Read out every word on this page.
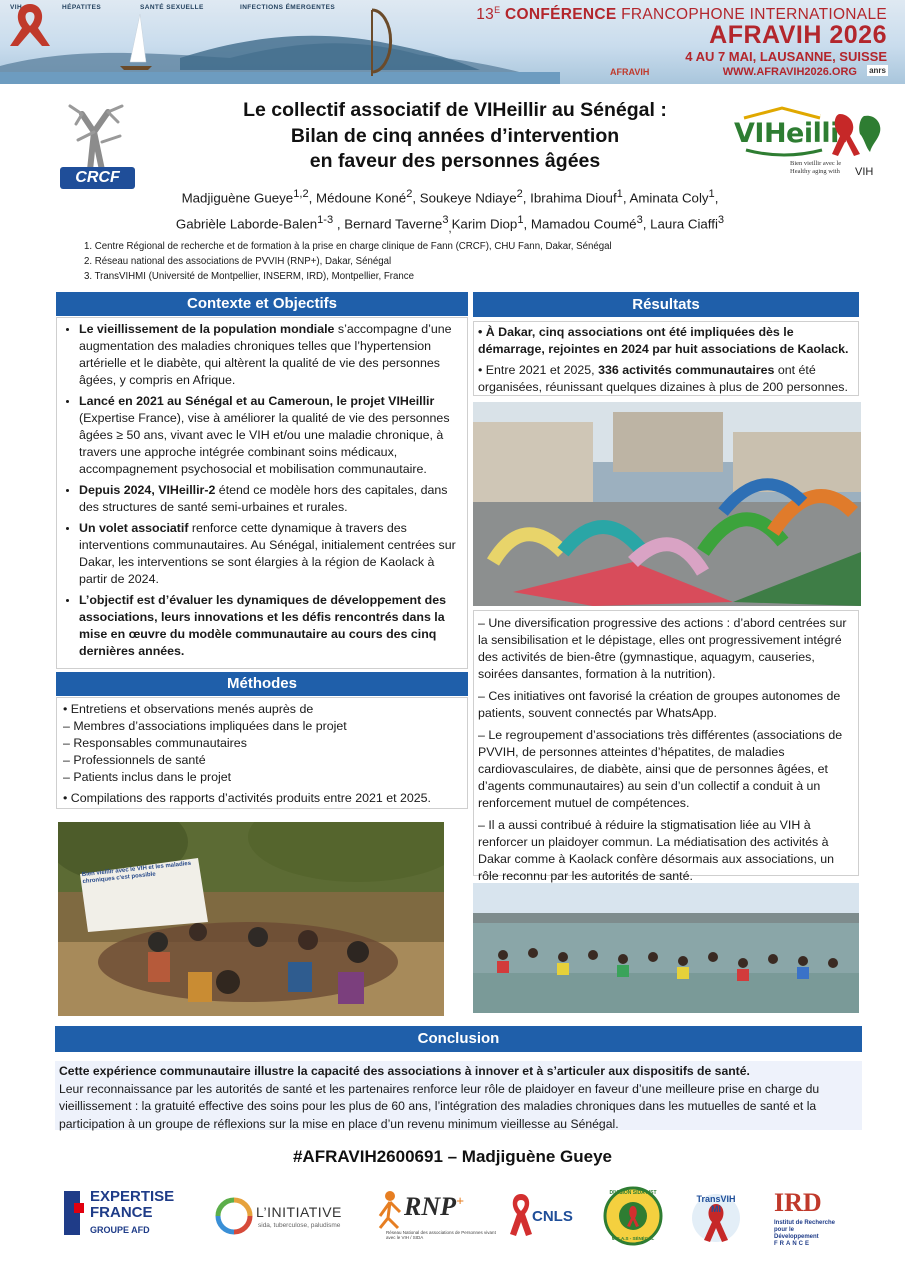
VIH	HÉPATITES	SANTÉ SEXUELLE	INFECTIONS ÉMERGENTES	$13^E$ CONFÉRENCE FRANCOPHONE INTERNATIONALE
AFRAVIH 2026
4 AU 7 MAI, LAUSANNE, SUISSE
WWW.AFRAVIH2026.ORG anrs
AFRAVIH
CRCF
Le collectif associatif de VIHeillir au Sénégal :
Bilan de cinq années d’intervention
en faveur des personnes âgées
VIHeilli
Bien vieillir avec le
Healthy aging with VIH
Madjiguène Gueye$^{1,2}$, Médoune Koné$^2$, Soukeye Ndiaye$^2$, Ibrahima Diouf$^1$, Aminata Coly$^1$,
Gabrièle Laborde-Balen$^{1-3}$ , Bernard Taverne$^3_,$Karim Diop$^1$, Mamadou Coumé$^3$, Laura Ciaffi$^3$
1. Centre Régional de recherche et de formation à la prise en charge clinique de Fann (CRCF), CHU Fann, Dakar, Sénégal
2. Réseau national des associations de PVVIH (RNP+), Dakar, Sénégal
3. TransVIHMI (Université de Montpellier, INSERM, IRD), Montpellier, France
Contexte et Objectifs
• Le vieillissement de la population mondiale s’accompagne d’une augmentation des maladies chroniques telles que l’hypertension artérielle et le diabète, qui altèrent la qualité de vie des personnes âgées, y compris en Afrique.
• Lancé en 2021 au Sénégal et au Cameroun, le projet VIHeillir (Expertise France), vise à améliorer la qualité de vie des personnes âgées ≥ 50 ans, vivant avec le VIH et/ou une maladie chronique, à travers une approche intégrée combinant soins médicaux, accompagnement psychosocial et mobilisation communautaire.
• Depuis 2024, VIHeillir-2 étend ce modèle hors des capitales, dans des structures de santé semi-urbaines et rurales.
• Un volet associatif renforce cette dynamique à travers des interventions communautaires. Au Sénégal, initialement centrées sur Dakar, les interventions se sont élargies à la région de Kaolack à partir de 2024.
• L’objectif est d’évaluer les dynamiques de développement des associations, leurs innovations et les défis rencontrés dans la mise en œuvre du modèle communautaire au cours des cinq dernières années.
Méthodes

• Entretiens et observations menés auprès de

– Membres d’associations impliquées dans le projet

– Responsables communautaires

– Professionnels de santé

– Patients inclus dans le projet

• Compilations des rapports d’activités produits entre 2021 et 2025.

Bien vieillir avec le VIH et les maladies chroniques c'est possible
Résultats

• À Dakar, cinq associations ont été impliquées dès le démarrage, rejointes en 2024 par huit associations de Kaolack.

• Entre 2021 et 2025, 336 activités communautaires ont été organisées, réunissant quelques dizaines à plus de 200 personnes.

– Une diversification progressive des actions : d’abord centrées sur la sensibilisation et le dépistage, elles ont progressivement intégré des activités de bien-être (gymnastique, aquagym, causeries, soirées dansantes, formation à la nutrition).

– Ces initiatives ont favorisé la création de groupes autonomes de patients, souvent connectés par WhatsApp.

– Le regroupement d’associations très différentes (associations de PVVIH, de personnes atteintes d’hépatites, de maladies cardiovasculaires, de diabète, ainsi que de personnes âgées, et d’agents communautaires) au sein d’un collectif a conduit à un renforcement mutuel de compétences.

– Il a aussi contribué à réduire la stigmatisation liée au VIH à renforcer un plaidoyer commun. La médiatisation des activités à Dakar comme à Kaolack confère désormais aux associations, un rôle reconnu par les autorités de santé.

Conclusion

Cette expérience communautaire illustre la capacité des associations à innover et à s’articuler aux dispositifs de santé.

Leur reconnaissance par les autorités de santé et les partenaires renforce leur rôle de plaidoyer en faveur d’une meilleure prise en charge du vieillissement : la gratuité effective des soins pour les plus de 60 ans, l’intégration des maladies chroniques dans les mutuelles de santé et la participation à un groupe de réflexions sur la mise en place d’un revenu minimum vieillesse au Sénégal.

#AFRAVIH2600691 – Madjiguène Gueye
EXPERTISE
FRANCE
GROUPE AFD
L’INITIATIVE
sida, tuberculose, paludisme
RNP+
Réseau National des associations de Personnes vivant avec le VIH / SIDA
CNLS
DIVISION SIDA / IST
M.S.A.S - SÉNÉGAL
TransVIH
MI	IRD
Institut de Recherche
pour le Développement
FRANCE
